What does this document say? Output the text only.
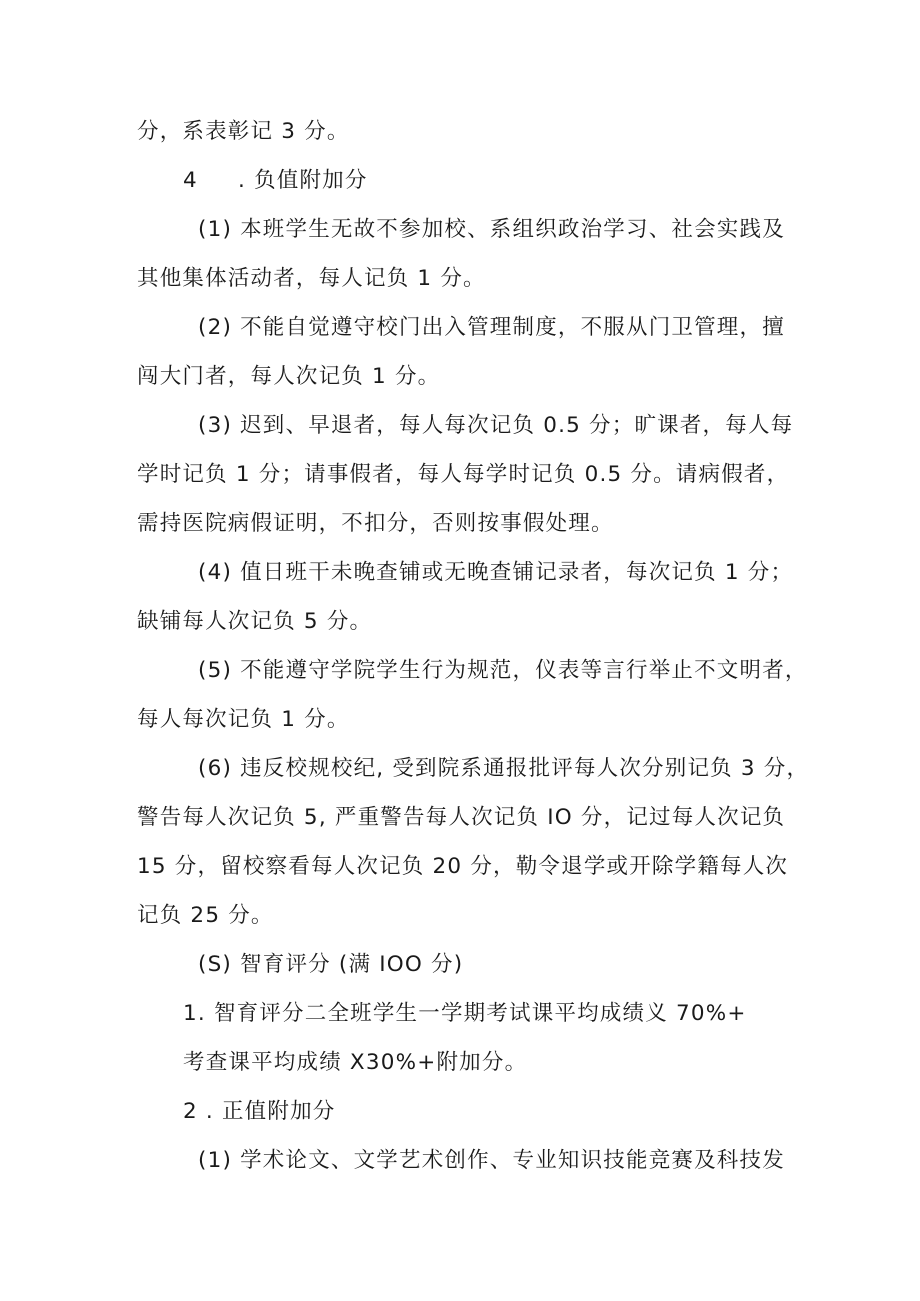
分，系表彰记 3 分。
4 . 负值附加分
(1) 本班学生无故不参加校、系组织政治学习、社会实践及
其他集体活动者，每人记负 1 分。
(2) 不能自觉遵守校门出入管理制度，不服从门卫管理，擅
闯大门者，每人次记负 1 分。
(3) 迟到、早退者，每人每次记负 0.5 分；旷课者，每人每
学时记负 1 分；请事假者，每人每学时记负 0.5 分。请病假者，
需持医院病假证明，不扣分，否则按事假处理。
(4) 值日班干未晚查铺或无晚查铺记录者，每次记负 1 分；
缺铺每人次记负 5 分。
(5) 不能遵守学院学生行为规范，仪表等言行举止不文明者，
每人每次记负 1 分。
(6) 违反校规校纪, 受到院系通报批评每人次分别记负 3 分，
警告每人次记负 5, 严重警告每人次记负 IO 分，记过每人次记负
15 分，留校察看每人次记负 20 分，勒令退学或开除学籍每人次
记负 25 分。
(S) 智育评分 (满 IOO 分)
1. 智育评分二全班学生一学期考试课平均成绩义 70%+
考查课平均成绩 X30%+附加分。
2 . 正值附加分
(1) 学术论文、文学艺术创作、专业知识技能竞赛及科技发
